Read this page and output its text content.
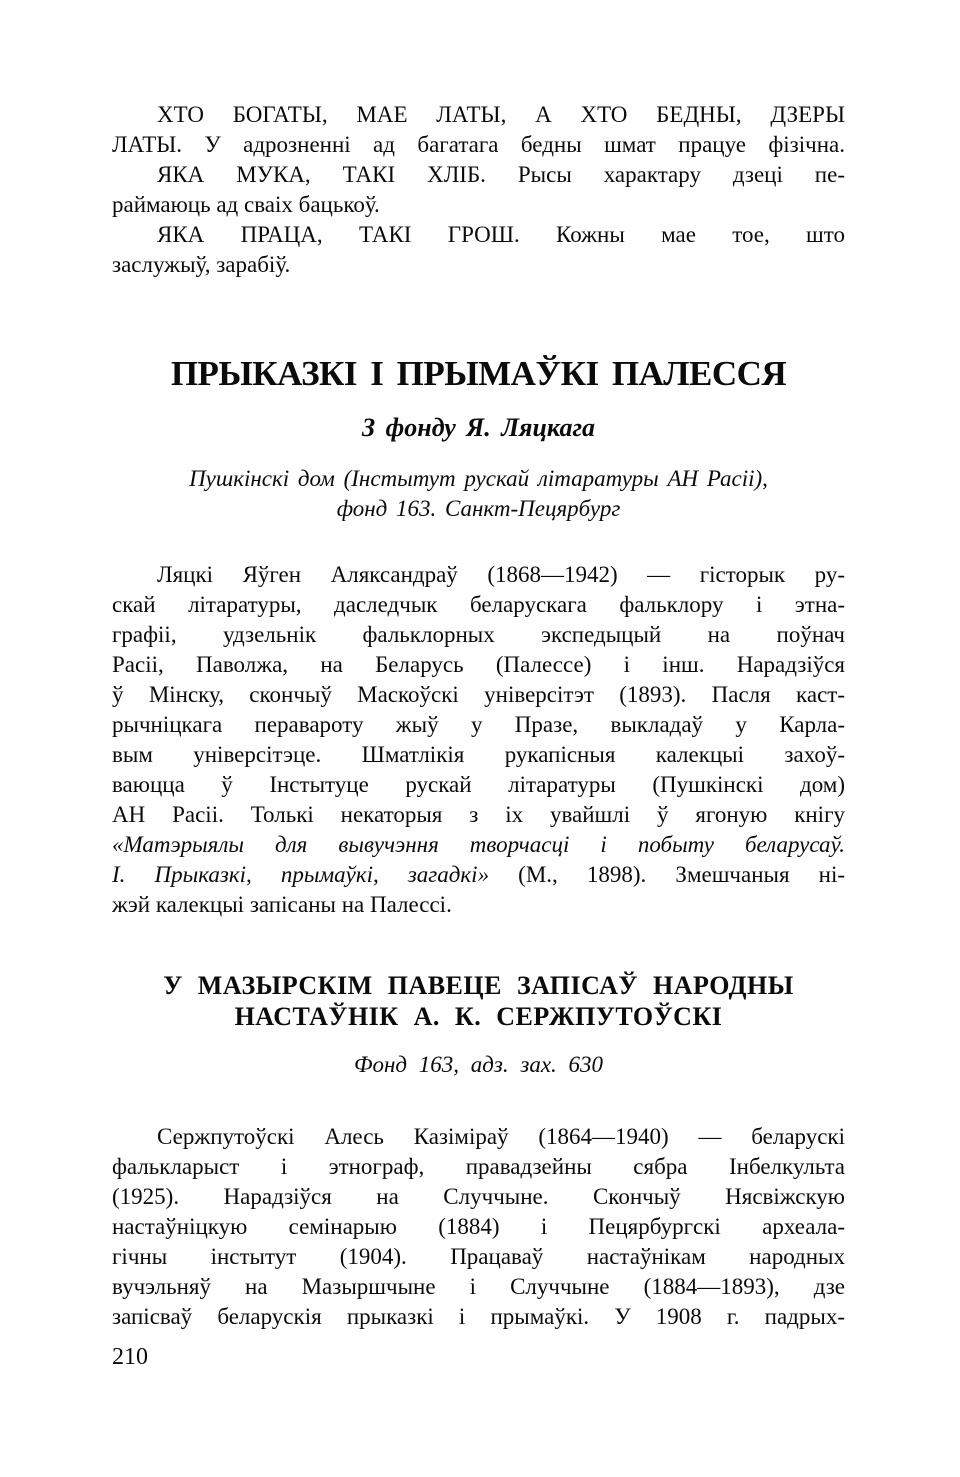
ХТО БОГАТЫ, МАЕ ЛАТЫ, А ХТО БЕДНЫ, ДЗЕРЫ
ЛАТЫ. У адрозненні ад багатага бедны шмат працуе фізічна.
ЯКА МУКА, ТАКІ ХЛІБ. Рысы характару дзеці пе-
раймаюць ад сваіх бацькоў.
ЯКА ПРАЦА, ТАКІ ГРОШ. Кожны мае тое, што
заслужыў, зарабіў.
ПРЫКАЗКІ І ПРЫМАЎКІ ПАЛЕССЯ
З фонду Я. Ляцкага
Пушкінскі дом (Інстытут рускай літаратуры АН Расіі),
фонд 163. Санкт-Пецярбург
Ляцкі Яўген Аляксандраў (1868—1942) — гісторык ру-
скай літаратуры, даследчык беларускага фальклору і этна-
графіі, удзельнік фальклорных экспедыцый на поўнач
Расіі, Паволжа, на Беларусь (Палессе) і інш. Нарадзіўся
ў Мінску, скончыў Маскоўскі універсітэт (1893). Пасля каст-
рычніцкага перавароту жыў у Празе, выкладаў у Карла-
вым універсітэце. Шматлікія рукапісныя калекцыі захоў-
ваюцца ў Інстытуце рускай літаратуры (Пушкінскі дом)
АН Расіі. Толькі некаторыя з іх увайшлі ў ягоную кнігу
«Матэрыялы для вывучэння творчасці і побыту беларусаў.
І. Прыказкі, прымаўкі, загадкі» (М., 1898). Змешчаныя ні-
жэй калекцыі запісаны на Палессі.
У МАЗЫРСКІМ ПАВЕЦЕ ЗАПІСАЎ НАРОДНЫ
НАСТАЎНІК А. К. СЕРЖПУТОЎСКІ
Фонд 163, адз. зах. 630
Сержпутоўскі Алесь Казіміраў (1864—1940) — беларускі
фалькларыст і этнограф, правадзейны сябра Інбелкульта
(1925). Нарадзіўся на Случчыне. Скончыў Нясвіжскую
настаўніцкую семінарыю (1884) і Пецярбургскі археала-
гічны інстытут (1904). Працаваў настаўнікам народных
вучэльняў на Мазыршчыне і Случчыне (1884—1893), дзе
запісваў беларускія прыказкі і прымаўкі. У 1908 г. падрых-
210
